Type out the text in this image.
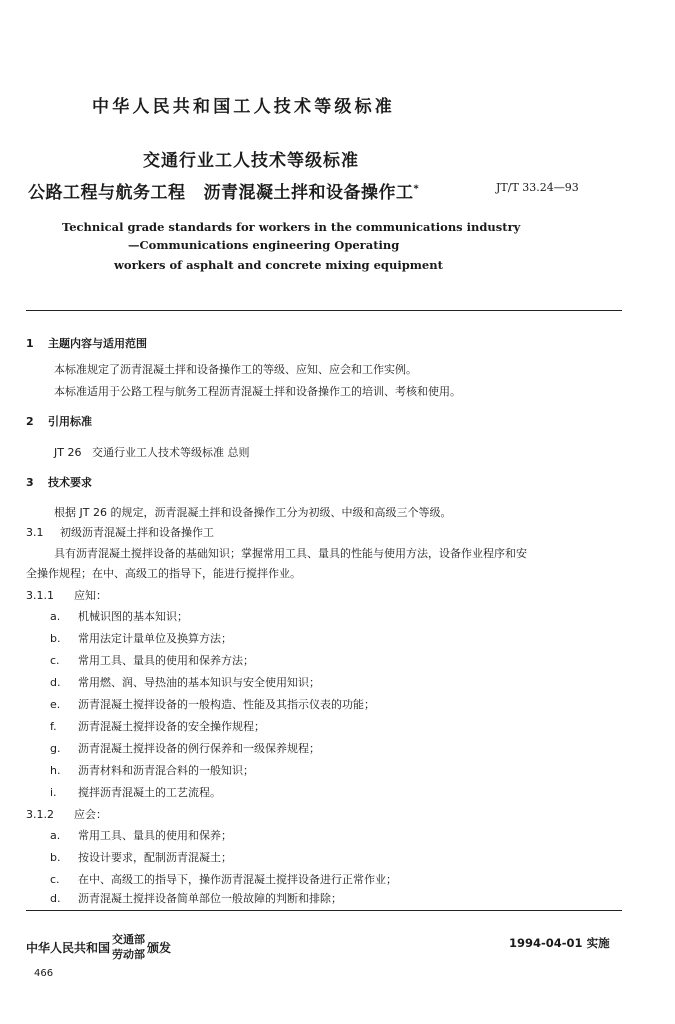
中华人民共和国工人技术等级标准
交通行业工人技术等级标准
公路工程与航务工程 沥青混凝土拌和设备操作工*	JT/T 33.24—93
Technical grade standards for workers in the communications industry
—Communications engineering Operating
workers of asphalt and concrete mixing equipment
1 主题内容与适用范围
本标准规定了沥青混凝土拌和设备操作工的等级、应知、应会和工作实例。
本标准适用于公路工程与航务工程沥青混凝土拌和设备操作工的培训、考核和使用。
2 引用标准
JT 26 交通行业工人技术等级标准 总则
3 技术要求
根据 JT 26 的规定，沥青混凝土拌和设备操作工分为初级、中级和高级三个等级。
3.1 初级沥青混凝土拌和设备操作工
具有沥青混凝土搅拌设备的基础知识；掌握常用工具、量具的性能与使用方法，设备作业程序和安
全操作规程；在中、高级工的指导下，能进行搅拌作业。
3.1.1 应知：
a. 机械识图的基本知识；
b. 常用法定计量单位及换算方法；
c. 常用工具、量具的使用和保养方法；
d. 常用燃、润、导热油的基本知识与安全使用知识；
e. 沥青混凝土搅拌设备的一般构造、性能及其指示仪表的功能；
f. 沥青混凝土搅拌设备的安全操作规程；
g. 沥青混凝土搅拌设备的例行保养和一级保养规程；
h. 沥青材料和沥青混合料的一般知识；
i. 搅拌沥青混凝土的工艺流程。
3.1.2 应会：
a. 常用工具、量具的使用和保养；
b. 按设计要求，配制沥青混凝土；
c. 在中、高级工的指导下，操作沥青混凝土搅拌设备进行正常作业；
d. 沥青混凝土搅拌设备简单部位一般故障的判断和排除；
中华人民共和国
交通部
劳动部 颁发	1994-04-01 实施
466
